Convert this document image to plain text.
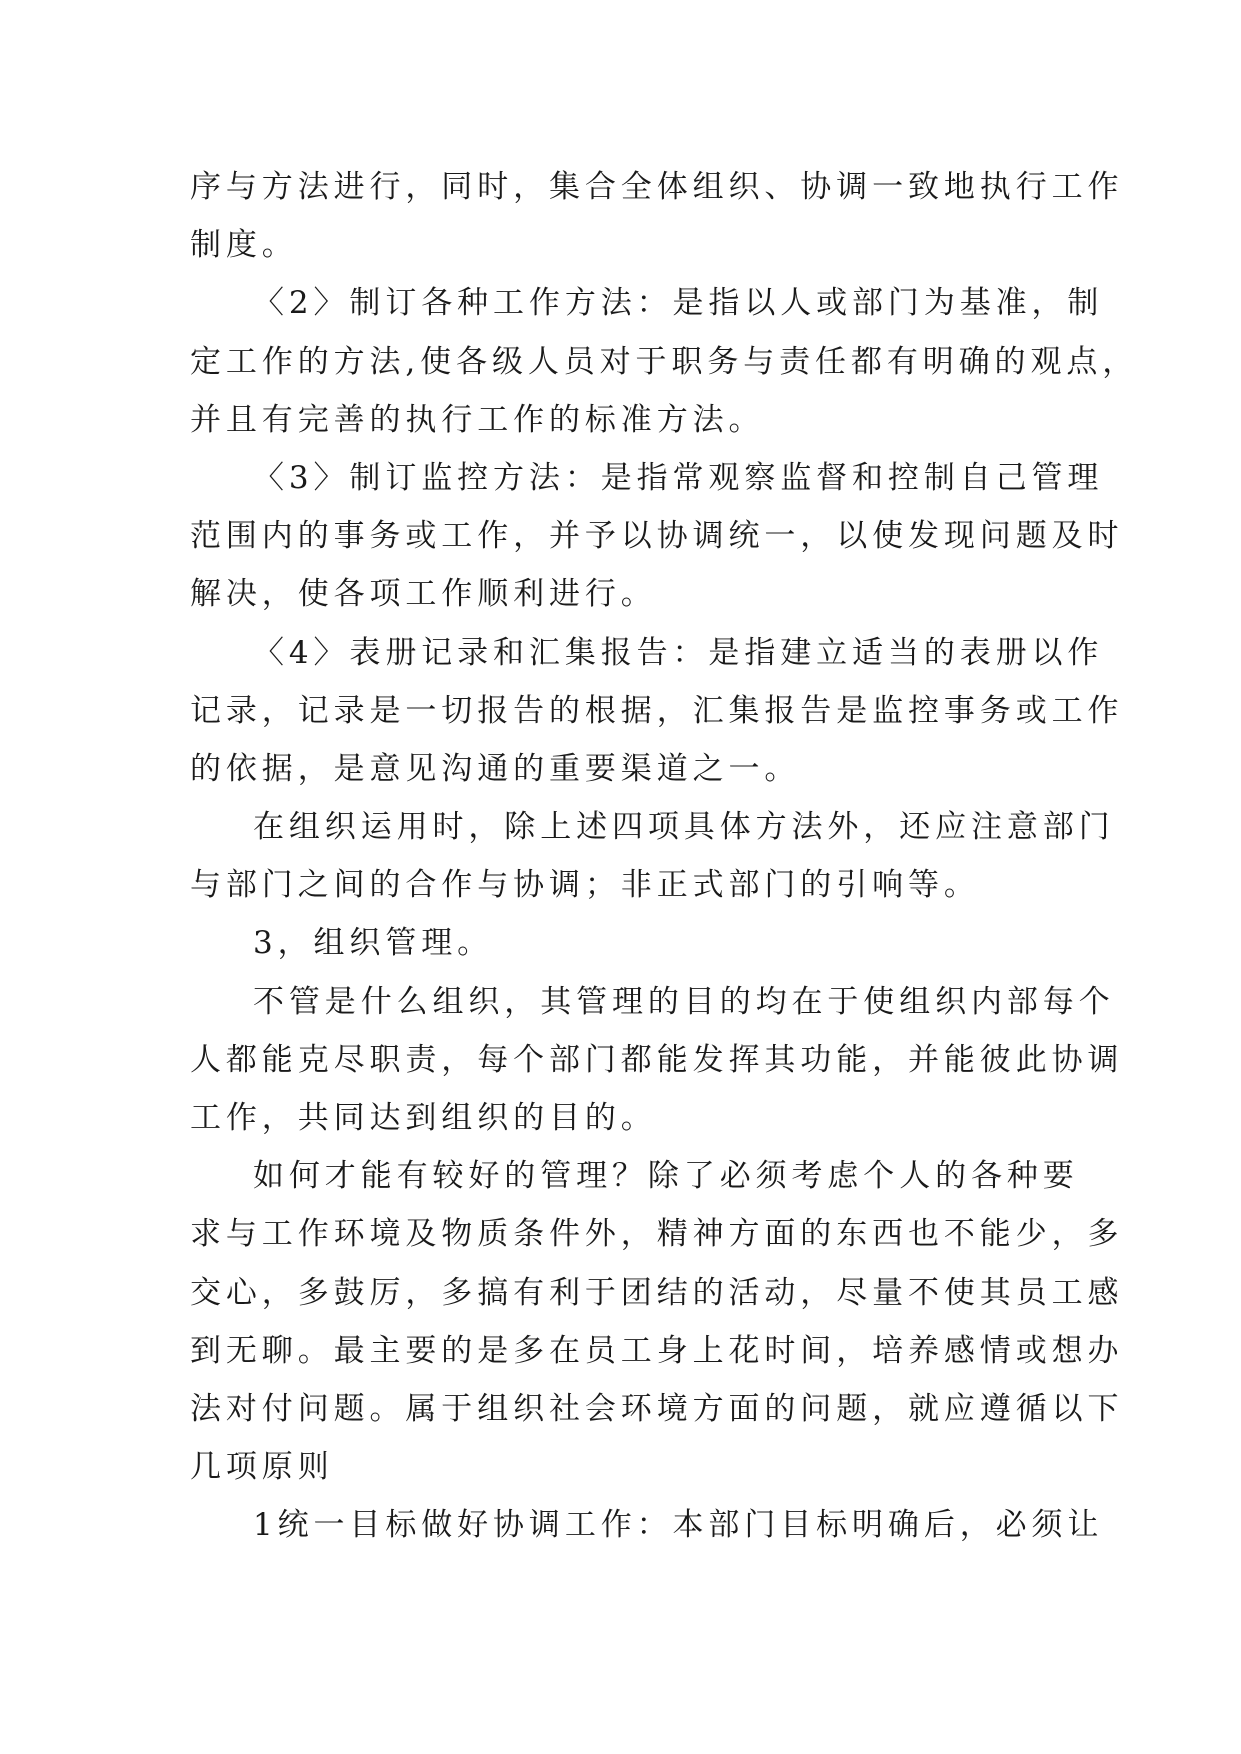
序与方法进行，同时，集合全体组织、协调一致地执行工作
制度。
〈2〉制订各种工作方法：是指以人或部门为基准，制
定工作的方法,使各级人员对于职务与责任都有明确的观点，
并且有完善的执行工作的标准方法。
〈3〉制订监控方法：是指常观察监督和控制自己管理
范围内的事务或工作，并予以协调统一，以使发现问题及时
解决，使各项工作顺利进行。
〈4〉表册记录和汇集报告：是指建立适当的表册以作
记录，记录是一切报告的根据，汇集报告是监控事务或工作
的依据，是意见沟通的重要渠道之一。
在组织运用时，除上述四项具体方法外，还应注意部门
与部门之间的合作与协调；非正式部门的引响等。
3，组织管理。
不管是什么组织，其管理的目的均在于使组织内部每个
人都能克尽职责，每个部门都能发挥其功能，并能彼此协调
工作，共同达到组织的目的。
如何才能有较好的管理？除了必须考虑个人的各种要
求与工作环境及物质条件外，精神方面的东西也不能少，多
交心，多鼓厉，多搞有利于团结的活动，尽量不使其员工感
到无聊。最主要的是多在员工身上花时间，培养感情或想办
法对付问题。属于组织社会环境方面的问题，就应遵循以下
几项原则
1统一目标做好协调工作：本部门目标明确后，必须让
